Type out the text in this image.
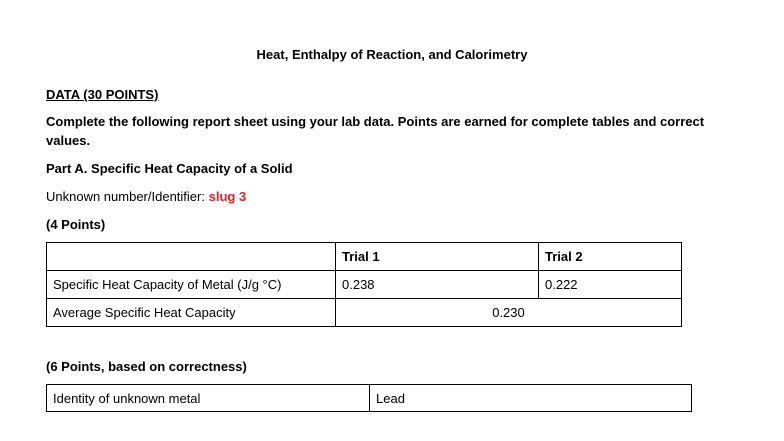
Heat, Enthalpy of Reaction, and Calorimetry
DATA (30 POINTS)
Complete the following report sheet using your lab data. Points are earned for complete tables and correct
values.
Part A. Specific Heat Capacity of a Solid
Unknown number/Identifier: slug 3
(4 Points)
	Trial 1	Trial 2
Specific Heat Capacity of Metal (J/g °C)	0.238	0.222
Average Specific Heat Capacity	0.230	
(6 Points, based on correctness)
Identity of unknown metal	Lead
